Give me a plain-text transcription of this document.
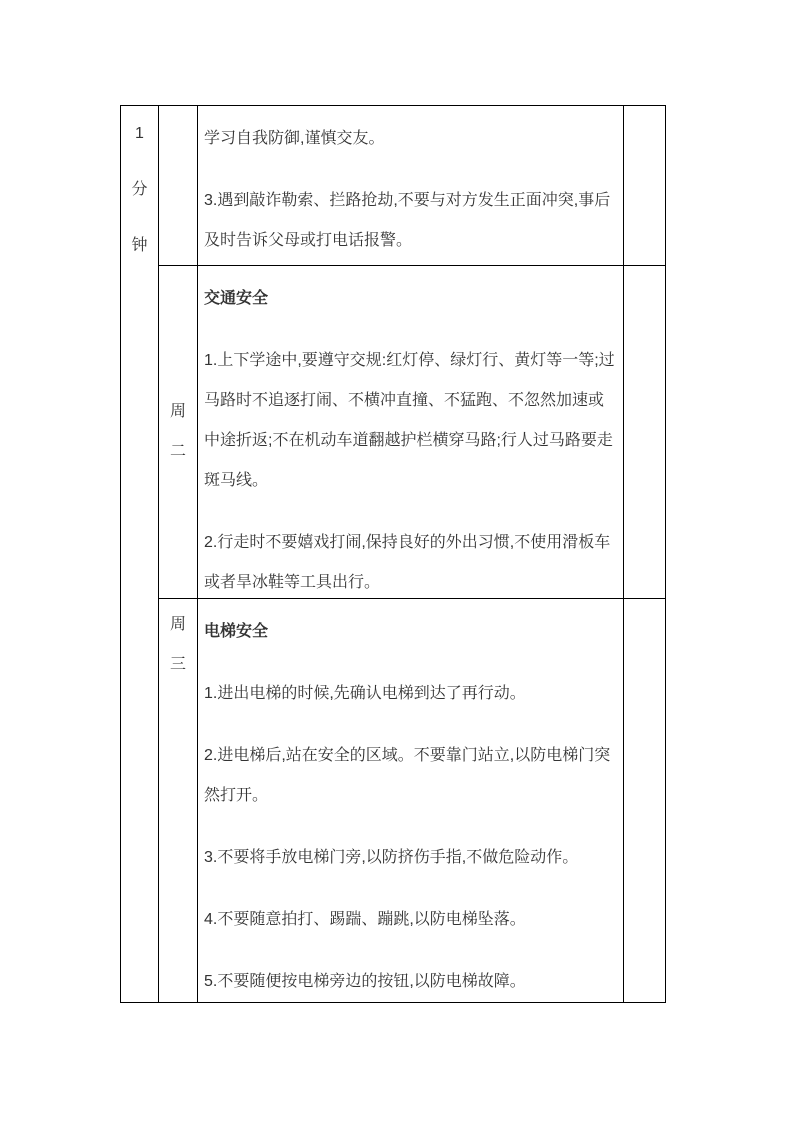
1
分
钟

学习自我防御,谨慎交友。

3.遇到敲诈勒索、拦路抢劫,不要与对方发生正面冲突,事后及时告诉父母或打电话报警。

周二

交通安全

1.上下学途中,要遵守交规:红灯停、绿灯行、黄灯等一等;过马路时不追逐打闹、不横冲直撞、不猛跑、不忽然加速或中途折返;不在机动车道翻越护栏横穿马路;行人过马路要走斑马线。

2.行走时不要嬉戏打闹,保持良好的外出习惯,不使用滑板车或者旱冰鞋等工具出行。

周三

电梯安全

1.进出电梯的时候,先确认电梯到达了再行动。

2.进电梯后,站在安全的区域。不要靠门站立,以防电梯门突然打开。

3.不要将手放电梯门旁,以防挤伤手指,不做危险动作。

4.不要随意拍打、踢踹、蹦跳,以防电梯坠落。

5.不要随便按电梯旁边的按钮,以防电梯故障。
